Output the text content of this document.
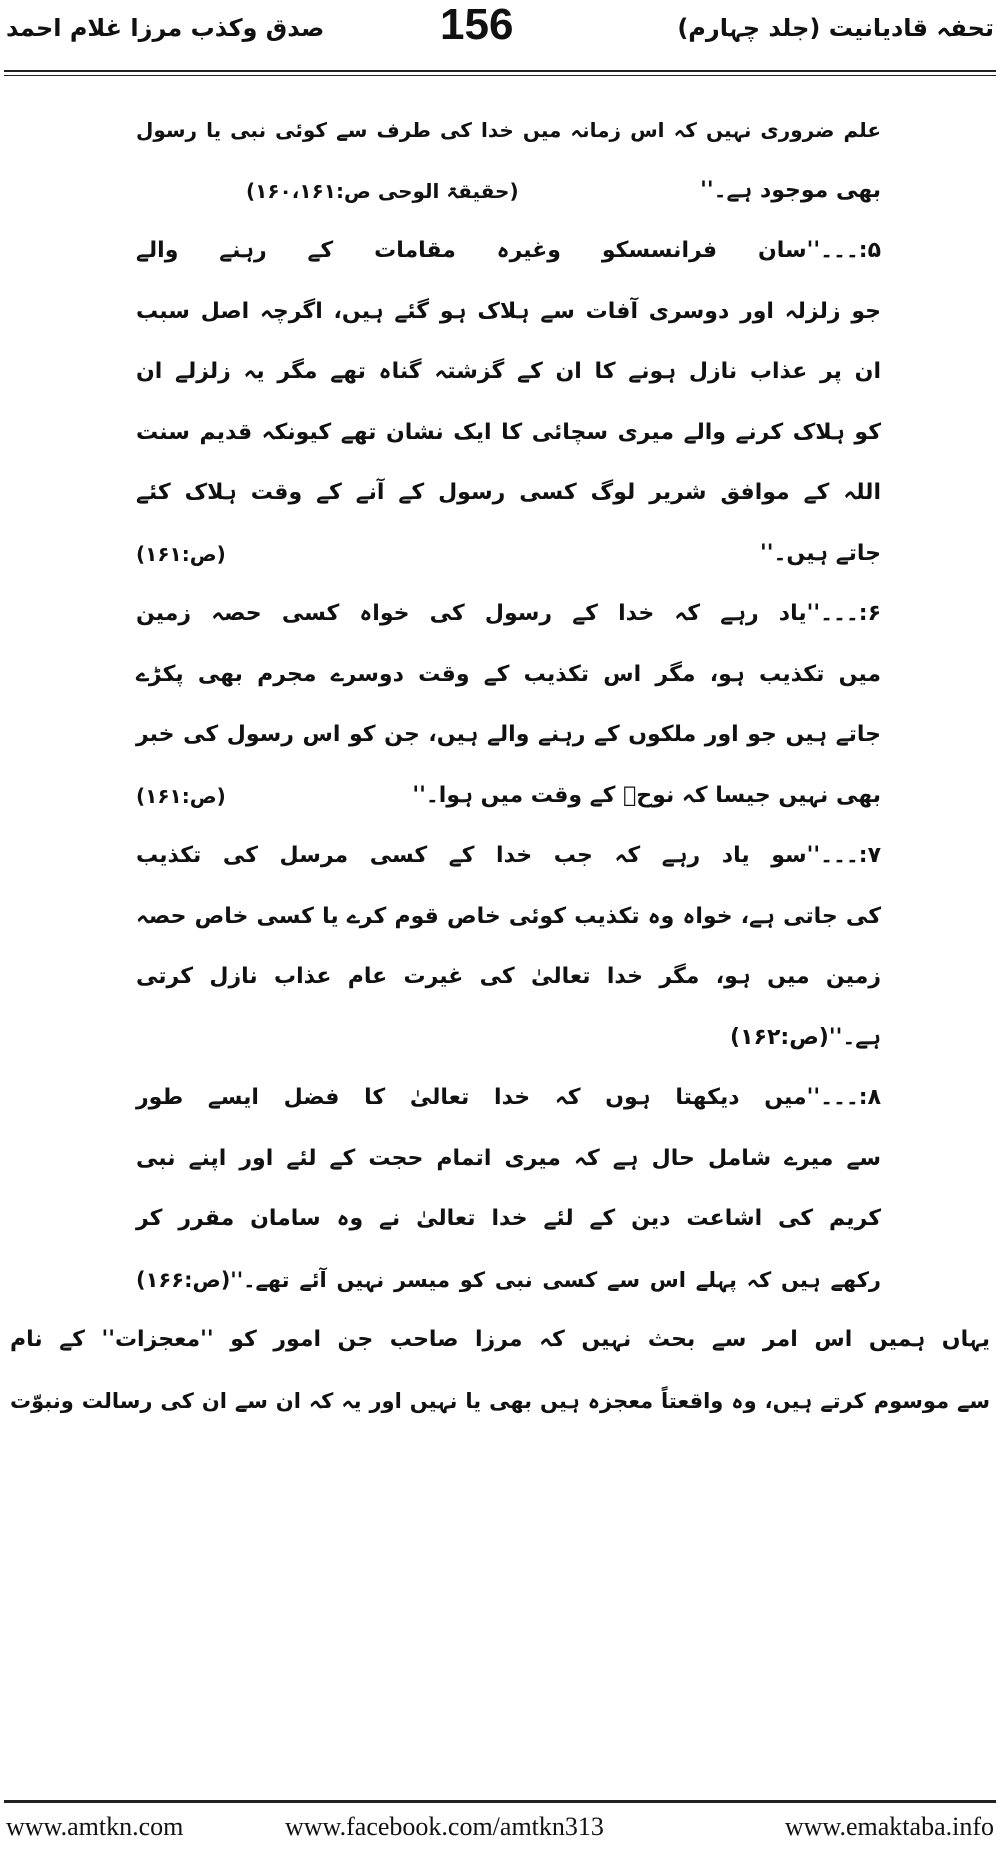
تحفہ قادیانیت (جلد چہارم)
156
صدق وکذب مرزا غلام احمد
علم ضروری نہیں کہ اس زمانہ میں خدا کی طرف سے کوئی نبی یا رسول
بھی موجود ہے۔''
(حقیقۃ الوحی ص:۱۶۰،۱۶۱)
۵:۔۔۔''سان فرانسسکو وغیرہ مقامات کے رہنے والے
جو زلزلہ اور دوسری آفات سے ہلاک ہو گئے ہیں، اگرچہ اصل سبب
ان پر عذاب نازل ہونے کا ان کے گزشتہ گناہ تھے مگر یہ زلزلے ان
کو ہلاک کرنے والے میری سچائی کا ایک نشان تھے کیونکہ قدیم سنت
اللہ کے موافق شریر لوگ کسی رسول کے آنے کے وقت ہلاک کئے
جاتے ہیں۔''
(ص:۱۶۱)
۶:۔۔۔''یاد رہے کہ خدا کے رسول کی خواہ کسی حصہ زمین
میں تکذیب ہو، مگر اس تکذیب کے وقت دوسرے مجرم بھی پکڑے
جاتے ہیں جو اور ملکوں کے رہنے والے ہیں، جن کو اس رسول کی خبر
بھی نہیں جیسا کہ نوحؑ کے وقت میں ہوا۔''
(ص:۱۶۱)
۷:۔۔۔''سو یاد رہے کہ جب خدا کے کسی مرسل کی تکذیب
کی جاتی ہے، خواہ وہ تکذیب کوئی خاص قوم کرے یا کسی خاص حصہ
زمین میں ہو، مگر خدا تعالیٰ کی غیرت عام عذاب نازل کرتی
ہے۔''(ص:۱۶۲)
۸:۔۔۔''میں دیکھتا ہوں کہ خدا تعالیٰ کا فضل ایسے طور
سے میرے شامل حال ہے کہ میری اتمام حجت کے لئے اور اپنے نبی
کریم کی اشاعت دین کے لئے خدا تعالیٰ نے وہ سامان مقرر کر
رکھے ہیں کہ پہلے اس سے کسی نبی کو میسر نہیں آئے تھے۔''(ص:۱۶۶)
یہاں ہمیں اس امر سے بحث نہیں کہ مرزا صاحب جن امور کو ''معجزات'' کے نام
سے موسوم کرتے ہیں، وہ واقعتاً معجزہ ہیں بھی یا نہیں اور یہ کہ ان سے ان کی رسالت ونبوّت
www.amtkn.com	www.facebook.com/amtkn313	www.emaktaba.info
